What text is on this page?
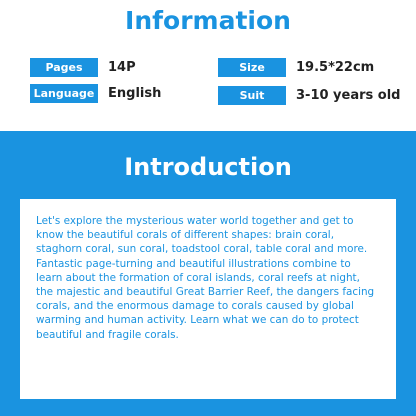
Information
Pages	14P
Language English
Size	19.5*22cm
Suit	3-10 years old
Introduction

Let's explore the mysterious water world together and get to know the beautiful corals of different shapes: brain coral, staghorn coral, sun coral, toadstool coral, table coral and more.

Fantastic page-turning and beautiful illustrations combine to learn about the formation of coral islands, coral reefs at night, the majestic and beautiful Great Barrier Reef, the dangers facing corals, and the enormous damage to corals caused by global warming and human activity. Learn what we can do to protect beautiful and fragile corals.
